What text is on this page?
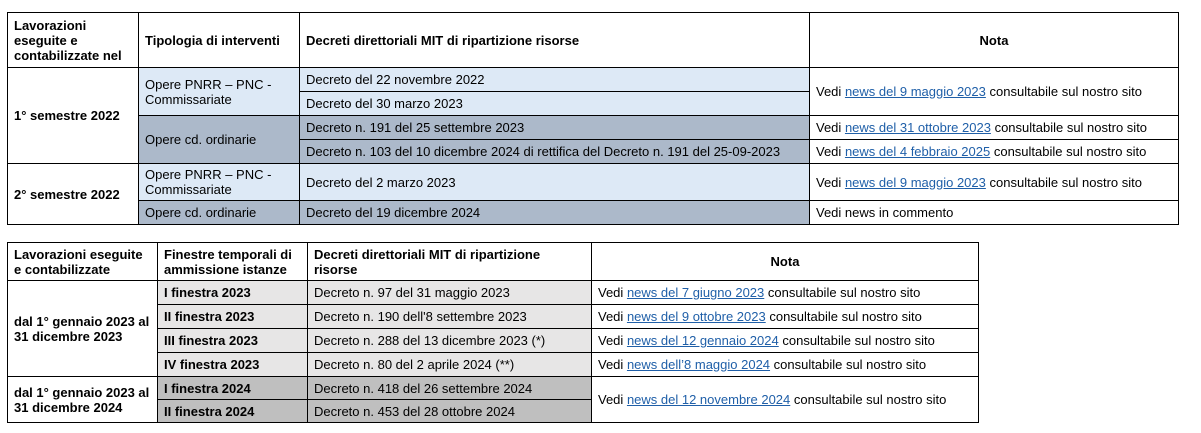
Lavorazioni eseguite e contabilizzate nel	Tipologia di interventi	Decreti direttoriali MIT di ripartizione risorse	Nota
1° semestre 2022	Opere PNRR – PNC - Commissariate	Decreto del 22 novembre 2022	Vedi news del 9 maggio 2023 consultabile sul nostro sito
		Decreto del 30 marzo 2023	
	Opere cd. ordinarie	Decreto n. 191 del 25 settembre 2023	Vedi news del 31 ottobre 2023 consultabile sul nostro sito
		Decreto n. 103 del 10 dicembre 2024 di rettifica del Decreto n. 191 del 25-09-2023	Vedi news del 4 febbraio 2025 consultabile sul nostro sito
2° semestre 2022	Opere PNRR – PNC - Commissariate	Decreto del 2 marzo 2023	Vedi news del 9 maggio 2023 consultabile sul nostro sito
	Opere cd. ordinarie	Decreto del 19 dicembre 2024	Vedi news in commento
Lavorazioni eseguite e contabilizzate	Finestre temporali di ammissione istanze	Decreti direttoriali MIT di ripartizione risorse	Nota
dal 1° gennaio 2023 al 31 dicembre 2023	I finestra 2023	Decreto n. 97 del 31 maggio 2023	Vedi news del 7 giugno 2023 consultabile sul nostro sito
	II finestra 2023	Decreto n. 190 dell'8 settembre 2023	Vedi news del 9 ottobre 2023 consultabile sul nostro sito
	III finestra 2023	Decreto n. 288 del 13 dicembre 2023 (*)	Vedi news del 12 gennaio 2024 consultabile sul nostro sito
	IV finestra 2023	Decreto n. 80 del 2 aprile 2024 (**)	Vedi news dell’8 maggio 2024 consultabile sul nostro sito
dal 1° gennaio 2023 al 31 dicembre 2024	I finestra 2024	Decreto n. 418 del 26 settembre 2024	Vedi news del 12 novembre 2024 consultabile sul nostro sito
	II finestra 2024	Decreto n. 453 del 28 ottobre 2024	
